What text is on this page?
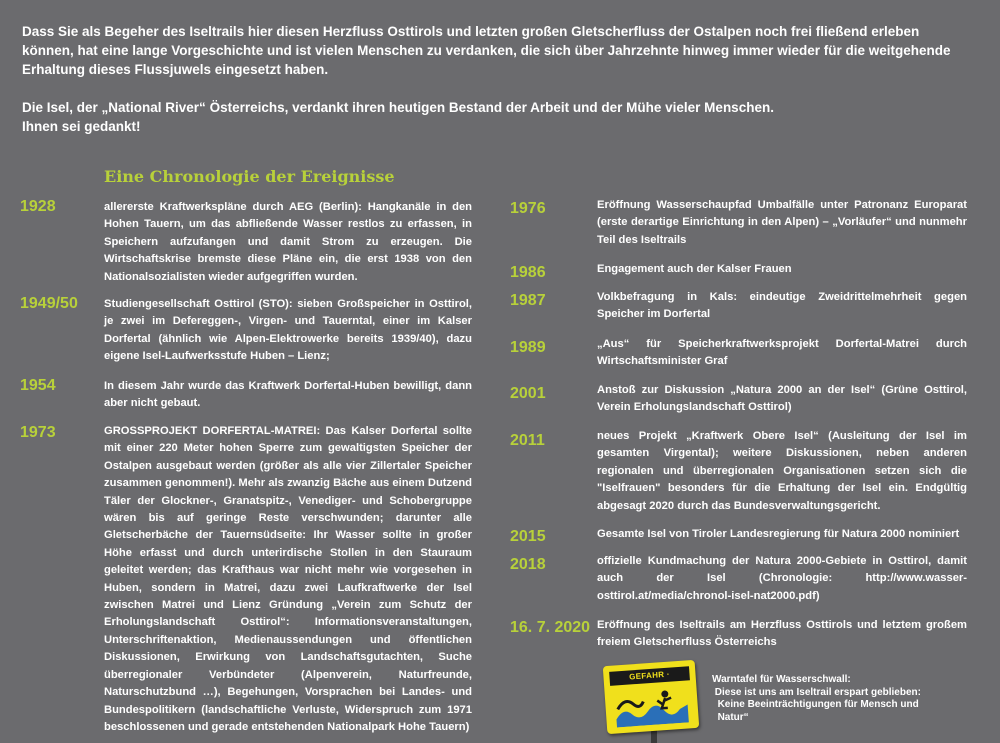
Dass Sie als Begeher des Iseltrails hier diesen Herzfluss Osttirols und letzten großen Gletscherfluss der Ostalpen noch frei fließend erleben können, hat eine lange Vorgeschichte und ist vielen Menschen zu verdanken, die sich über Jahrzehnte hinweg immer wieder für die weitgehende Erhaltung dieses Flussjuwels eingesetzt haben.

Die Isel, der „National River“ Österreichs, verdankt ihren heutigen Bestand der Arbeit und der Mühe vieler Menschen.
Ihnen sei gedankt!

Eine Chronologie der Ereignisse
1928	allererste Kraftwerkspläne durch AEG (Berlin): Hangkanäle in den Hohen Tauern, um das abfließende Wasser restlos zu erfassen, in Speichern aufzufangen und damit Strom zu erzeugen. Die Wirtschaftskrise bremste diese Pläne ein, die erst 1938 von den Nationalsozialisten wieder aufgegriffen wurden.
1949/50 Studiengesellschaft Osttirol (STO): sieben Großspeicher in Osttirol, je zwei im Defereggen-, Virgen- und Tauerntal, einer im Kalser Dorfertal (ähnlich wie Alpen-Elektrowerke bereits 1939/40), dazu eigene Isel-Laufwerksstufe Huben – Lienz;
1954	In diesem Jahr wurde das Kraftwerk Dorfertal-Huben bewilligt, dann aber nicht gebaut.
1973	GROSSPROJEKT DORFERTAL-MATREI: Das Kalser Dorfertal sollte mit einer 220 Meter hohen Sperre zum gewaltigsten Speicher der Ostalpen ausgebaut werden (größer als alle vier Zillertaler Speicher zusammen genommen!). Mehr als zwanzig Bäche aus einem Dutzend Täler der Glockner-, Granatspitz-, Venediger- und Schobergruppe wären bis auf geringe Reste verschwunden; darunter alle Gletscherbäche der Tauernsüdseite: Ihr Wasser sollte in großer Höhe erfasst und durch unterirdische Stollen in den Stauraum geleitet werden; das Krafthaus war nicht mehr wie vorgesehen in Huben, sondern in Matrei, dazu zwei Laufkraftwerke der Isel zwischen Matrei und Lienz Gründung „Verein zum Schutz der Erholungslandschaft Osttirol“: Informationsveranstaltungen, Unterschriftenaktion, Medienaussendungen und öffentlichen Diskussionen, Erwirkung von Landschaftsgutachten, Suche überregionaler Verbündeter (Alpenverein, Naturfreunde, Naturschutzbund …), Begehungen, Vorsprachen bei Landes- und Bundespolitikern (landschaftliche Verluste, Widerspruch zum 1971 beschlossenen und gerade entstehenden Nationalpark Hohe Tauern)
1976	Eröffnung Wasserschaupfad Umbalfälle unter Patronanz Europarat (erste derartige Einrichtung in den Alpen) – „Vorläufer“ und nunmehr Teil des Iseltrails
1986	Engagement auch der Kalser Frauen
1987	Volkbefragung in Kals: eindeutige Zweidrittelmehrheit gegen Speicher im Dorfertal
1989	„Aus“ für Speicherkraftwerksprojekt Dorfertal-Matrei durch Wirtschaftsminister Graf
2001	Anstoß zur Diskussion „Natura 2000 an der Isel“ (Grüne Osttirol, Verein Erholungslandschaft Osttirol)
2011	neues Projekt „Kraftwerk Obere Isel“ (Ausleitung der Isel im gesamten Virgental); weitere Diskussionen, neben anderen regionalen und überregionalen Organisationen setzen sich die "Iselfrauen" besonders für die Erhaltung der Isel ein. Endgültig abgesagt 2020 durch das Bundesverwaltungsgericht.
2015	Gesamte Isel von Tiroler Landesregierung für Natura 2000 nominiert
2018	offizielle Kundmachung der Natura 2000-Gebiete in Osttirol, damit auch der Isel (Chronologie: http://www.wasser-osttirol.at/media/chronol-isel-nat2000.pdf)
16. 7. 2020 Eröffnung des Iseltrails am Herzfluss Osttirols und letztem großem freiem Gletscherfluss Österreichs
GEFAHR ·	Warntafel für Wasserschwall:
Diese ist uns am Iseltrail erspart geblieben:
Keine Beeinträchtigungen für Mensch und
Natur“
